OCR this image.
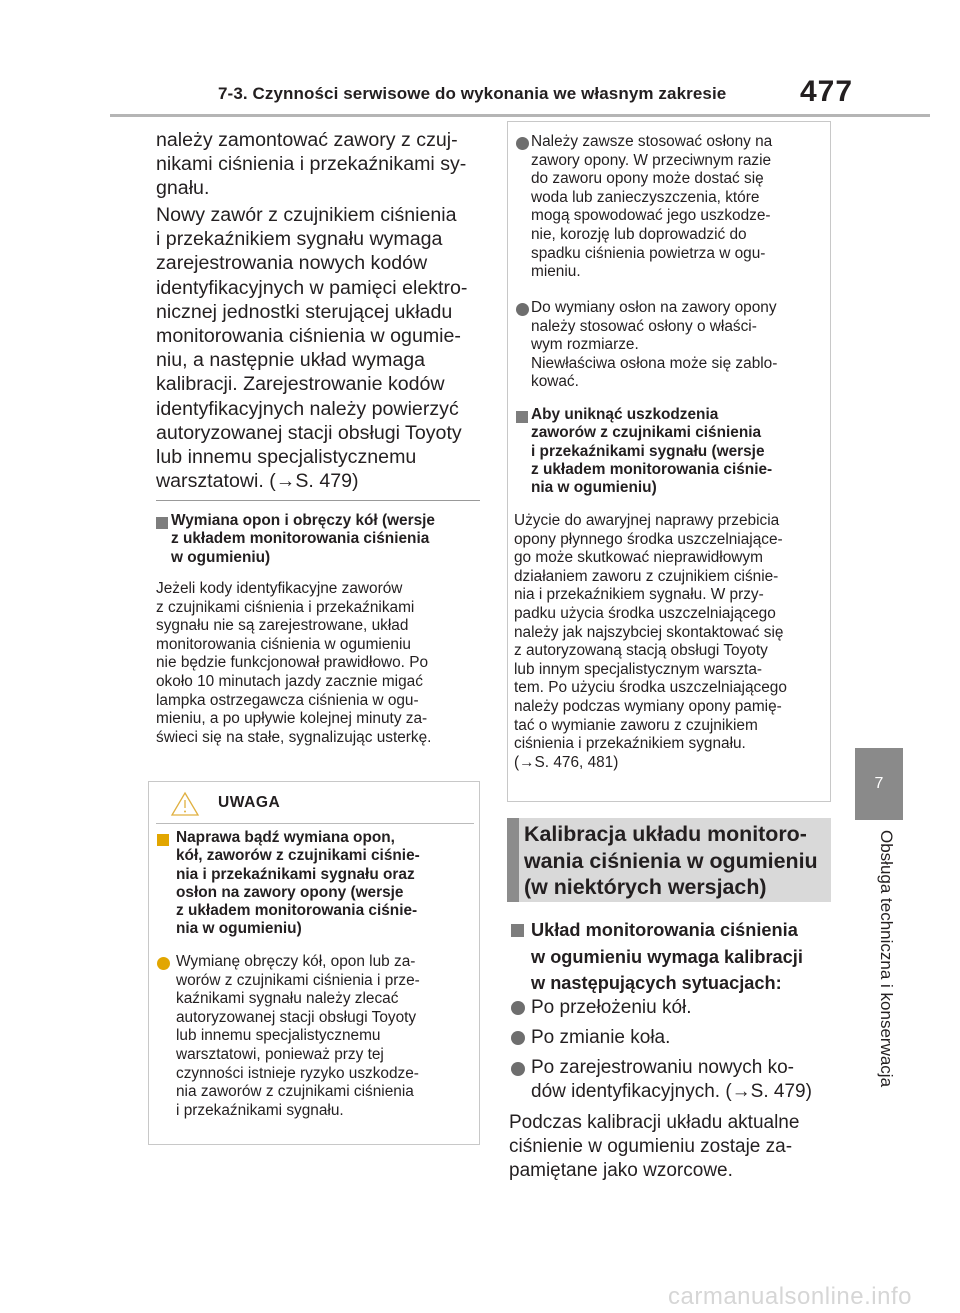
7-3. Czynności serwisowe do wykonania we własnym zakresie 477
7
Obsługa techniczna i konserwacja
należy zamontować zawory z czuj-
nikami ciśnienia i przekaźnikami sy-
gnału.
Nowy zawór z czujnikiem ciśnienia
i przekaźnikiem sygnału wymaga
zarejestrowania nowych kodów
identyfikacyjnych w pamięci elektro-
nicznej jednostki sterującej układu
monitorowania ciśnienia w ogumie-
niu, a następnie układ wymaga
kalibracji. Zarejestrowanie kodów
identyfikacyjnych należy powierzyć
autoryzowanej stacji obsługi Toyoty
lub innemu specjalistycznemu
warsztatowi. (→S. 479)
Wymiana opon i obręczy kół (wersje
z układem monitorowania ciśnienia
w ogumieniu)
Jeżeli kody identyfikacyjne zaworów
z czujnikami ciśnienia i przekaźnikami
sygnału nie są zarejestrowane, układ
monitorowania ciśnienia w ogumieniu
nie będzie funkcjonował prawidłowo. Po
około 10 minutach jazdy zacznie migać
lampka ostrzegawcza ciśnienia w ogu-
mieniu, a po upływie kolejnej minuty za-
świeci się na stałe, sygnalizując usterkę.
UWAGA
Naprawa bądź wymiana opon,
kół, zaworów z czujnikami ciśnie-
nia i przekaźnikami sygnału oraz
osłon na zawory opony (wersje
z układem monitorowania ciśnie-
nia w ogumieniu)
Wymianę obręczy kół, opon lub za-
worów z czujnikami ciśnienia i prze-
kaźnikami sygnału należy zlecać
autoryzowanej stacji obsługi Toyoty
lub innemu specjalistycznemu
warsztatowi, ponieważ przy tej
czynności istnieje ryzyko uszkodze-
nia zaworów z czujnikami ciśnienia
i przekaźnikami sygnału.
Należy zawsze stosować osłony na
zawory opony. W przeciwnym razie
do zaworu opony może dostać się
woda lub zanieczyszczenia, które
mogą spowodować jego uszkodze-
nie, korozję lub doprowadzić do
spadku ciśnienia powietrza w ogu-
mieniu.
Do wymiany osłon na zawory opony
należy stosować osłony o właści-
wym rozmiarze.
Niewłaściwa osłona może się zablo-
kować.
Aby uniknąć uszkodzenia
zaworów z czujnikami ciśnienia
i przekaźnikami sygnału (wersje
z układem monitorowania ciśnie-
nia w ogumieniu)
Użycie do awaryjnej naprawy przebicia
opony płynnego środka uszczelniające-
go może skutkować nieprawidłowym
działaniem zaworu z czujnikiem ciśnie-
nia i przekaźnikiem sygnału. W przy-
padku użycia środka uszczelniającego
należy jak najszybciej skontaktować się
z autoryzowaną stacją obsługi Toyoty
lub innym specjalistycznym warszta-
tem. Po użyciu środka uszczelniającego
należy podczas wymiany opony pamię-
tać o wymianie zaworu z czujnikiem
ciśnienia i przekaźnikiem sygnału.
(→S. 476, 481)
Kalibracja układu monitoro-
wania ciśnienia w ogumieniu
(w niektórych wersjach)
Układ monitorowania ciśnienia
w ogumieniu wymaga kalibracji
w następujących sytuacjach:
Po przełożeniu kół.
Po zmianie koła.
Po zarejestrowaniu nowych ko-
dów identyfikacyjnych. (→S. 479)
Podczas kalibracji układu aktualne
ciśnienie w ogumieniu zostaje za-
pamiętane jako wzorcowe.
carmanualsonline.info
